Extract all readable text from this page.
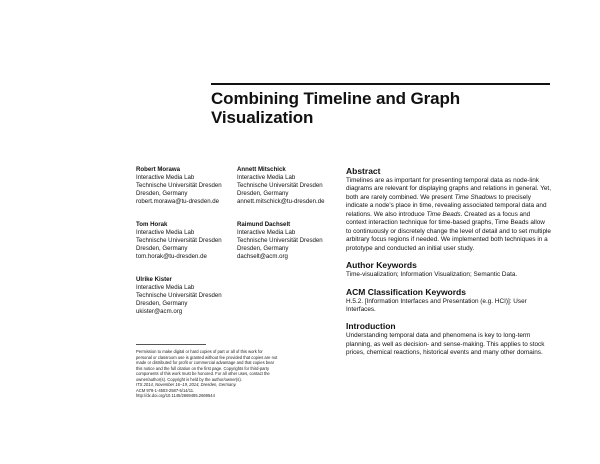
Combining Timeline and Graph
Visualization
Robert Morawa
Interactive Media Lab
Technische Universität Dresden
Dresden, Germany
robert.morawa@tu-dresden.de
Annett Mitschick
Interactive Media Lab
Technische Universität Dresden
Dresden, Germany
annett.mitschick@tu-dresden.de
Tom Horak
Interactive Media Lab
Technische Universität Dresden
Dresden, Germany
tom.horak@tu-dresden.de
Raimund Dachselt
Interactive Media Lab
Technische Universität Dresden
Dresden, Germany
dachselt@acm.org
Ulrike Kister
Interactive Media Lab
Technische Universität Dresden
Dresden, Germany
ukister@acm.org
Abstract
Timelines are as important for presenting temporal data as node-link diagrams are relevant for displaying graphs and relations in general. Yet, both are rarely combined. We present Time Shadows to precisely indicate a node's place in time, revealing associated temporal data and relations. We also introduce Time Beads. Created as a focus and context interaction technique for time-based graphs, Time Beads allow to continuously or discretely change the level of detail and to set multiple arbitrary focus regions if needed. We implemented both techniques in a prototype and conducted an initial user study.
Author Keywords
Time-visualization; Information Visualization; Semantic Data.
ACM Classification Keywords
H.5.2. [Information Interfaces and Presentation (e.g. HCI)]: User Interfaces.
Introduction
Understanding temporal data and phenomena is key to long-term planning, as well as decision- and sense-making. This applies to stock prices, chemical reactions, historical events and many other domains.
Permission to make digital or hard copies of part or all of this work for
personal or classroom use is granted without fee provided that copies are not
made or distributed for profit or commercial advantage and that copies bear
this notice and the full citation on the first page. Copyrights for third-party
components of this work must be honored. For all other uses, contact the
owner/author(s). Copyright is held by the author/owner(s).
ITS 2014, November 16–19, 2014, Dresden, Germany.
ACM 978-1-4503-2587-5/14/11.
http://dx.doi.org/10.1145/2669485.2669544
